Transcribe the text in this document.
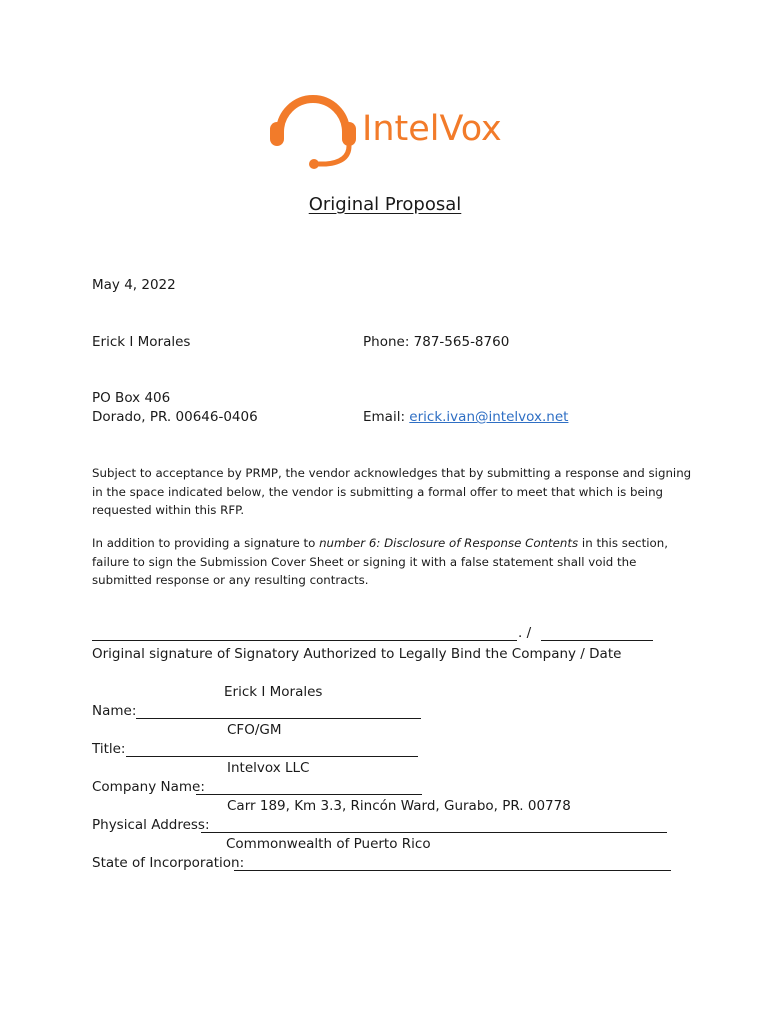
IntelVox
Original Proposal
May 4, 2022
Erick I Morales	Phone: 787-565-8760
PO Box 406
Dorado, PR. 00646-0406	Email: erick.ivan@intelvox.net
Subject to acceptance by PRMP, the vendor acknowledges that by submitting a response and signing in the space indicated below, the vendor is submitting a formal offer to meet that which is being requested within this RFP.
In addition to providing a signature to number 6: Disclosure of Response Contents in this section, failure to sign the Submission Cover Sheet or signing it with a false statement shall void the submitted response or any resulting contracts.
. /
Original signature of Signatory Authorized to Legally Bind the Company / Date
Erick I Morales
Name:
CFO/GM
Title:
Intelvox LLC
Company Name:
Carr 189, Km 3.3, Rincón Ward, Gurabo, PR. 00778
Physical Address:
Commonwealth of Puerto Rico
State of Incorporation:
